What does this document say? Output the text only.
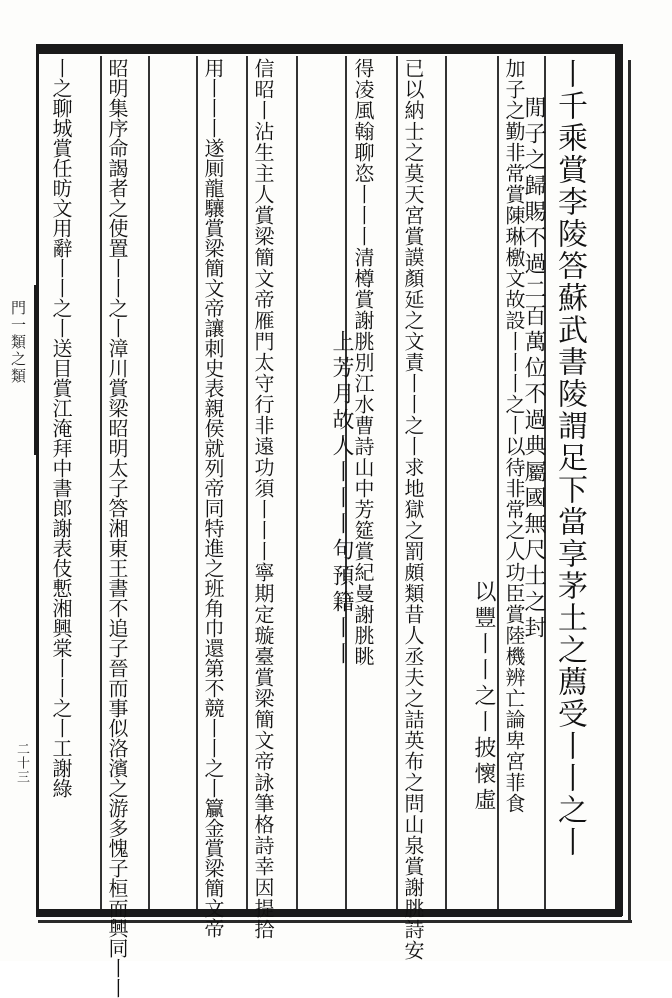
丨千乘賞李陵答蘇武書陵謂足下當享茅土之薦受丨丨之丨
閒子之歸賜不過二百萬位不過典屬國無尺土之封
加子之勤非常賞陳琳檄文故設丨丨丨之丨以待非常之人功臣賞陸機辨亡論卑宮菲食
以豐丨丨之丨披懷虛
已以納士之莫天宮賞謨顏延之文責丨丨之丨求地獄之罰頗類昔人丞夫之詰英布之問山泉賞謝朓詩安
得凌風翰聊恣丨丨丨清樽賞謝朓別江水曹詩山中芳筵賞紀曼謝朓眺
上芳月故人丨丨丨句預籍丨丨
信昭丨沾生主人賞梁簡文帝雁門太守行非遠功須丨丨丨寧期定璇臺賞梁簡文帝詠筆格詩幸因提拾
用丨丨丨遂厠龍驤賞梁簡文帝讓刺史表親侯就列帝同特進之班角巾還第不競丨丨之丨籯金賞梁簡文帝
昭明集序命謁者之使置丨丨之丨漳川賞梁昭明太子答湘東王書不追子晉而事似洛濱之游多愧子桓而興同丨丨
丨之聊城賞任昉文用辭丨丨之丨送目賞江淹拜中書郎謝表伎慙湘興棠丨丨之丨工謝綠
門一類之類
二十三
